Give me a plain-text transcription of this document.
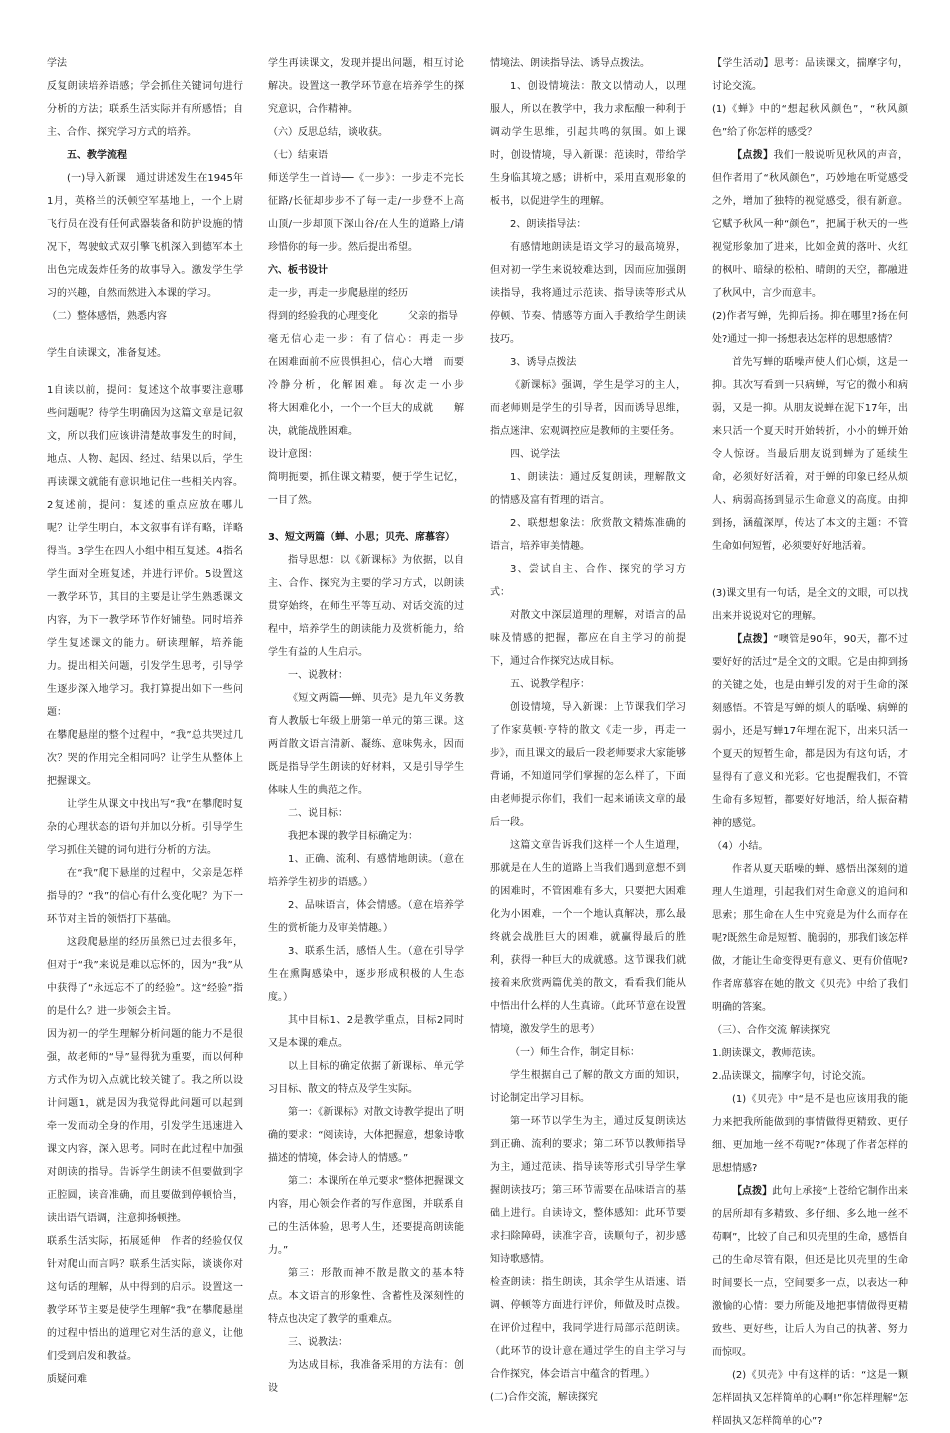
学法

反复朗读培养语感；学会抓住关键词句进行分析的方法；联系生活实际并有所感悟；自主、合作、探究学习方式的培养。

五、教学流程

(一)导入新课　通过讲述发生在1945年1月，英格兰的沃顿空军基地上，一个上尉飞行员在没有任何武器装备和防护设施的情况下，驾驶蚊式双引擎飞机深入到德军本土出色完成轰炸任务的故事导入。激发学生学习的兴趣，自然而然进入本课的学习。

（二）整体感悟，熟悉内容

学生自读课文，准备复述。

1自读以前，提问：复述这个故事要注意哪些问题呢？待学生明确因为这篇文章是记叙文，所以我们应该讲清楚故事发生的时间，地点、人物、起因、经过、结果以后，学生再读课文就能有意识地记住一些相关内容。2复述前，提问：复述的重点应放在哪儿呢？让学生明白，本文叙事有详有略，详略得当。3学生在四人小组中相互复述。4指名学生面对全班复述，并进行评价。5设置这一教学环节，其目的主要是让学生熟悉课文内容，为下一教学环节作好铺垫。同时培养学生复述课文的能力。研读理解，培养能力。提出相关问题，引发学生思考，引导学生逐步深入地学习。我打算提出如下一些问题：

在攀爬悬崖的整个过程中，“我”总共哭过几次？哭的作用完全相同吗？让学生从整体上把握课文。

让学生从课文中找出写“我”在攀爬时复杂的心理状态的语句并加以分析。引导学生学习抓住关键的词句进行分析的方法。

在“我”爬下悬崖的过程中，父亲是怎样指导的？“我”的信心有什么变化呢？为下一环节对主旨的领悟打下基础。

这段爬悬崖的经历虽然已过去很多年，但对于“我”来说是难以忘怀的，因为“我”从中获得了“永远忘不了的经验”。这“经验”指的是什么？进一步领会主旨。

因为初一的学生理解分析问题的能力不是很强，故老师的“导”显得犹为重要，而以何种方式作为切入点就比较关键了。我之所以设计问题1，就是因为我觉得此问题可以起到牵一发而动全身的作用，引发学生迅速进入课文内容，深入思考。同时在此过程中加强对朗读的指导。告诉学生朗读不但要做到字正腔圆，读音准确，而且要做到停顿恰当，读出语气语调，注意抑扬顿挫。

联系生活实际，拓展延伸　作者的经验仅仅针对爬山而言吗？联系生活实际，谈谈你对这句话的理解，从中得到的启示。设置这一教学环节主要是使学生理解“我”在攀爬悬崖的过程中悟出的道理它对生活的意义，让他们受到启发和教益。

质疑问难

学生再读课文，发现并提出问题，相互讨论解决。设置这一教学环节意在培养学生的探究意识，合作精神。

（六）反思总结，谈收获。

（七）结束语

师送学生一首诗──《一步》：一步走不完长征路/长征却步步不了每一走/一步登不上高山顶/一步却顶下深山谷/在人生的道路上/请珍惜你的每一步。然后提出希望。

六、板书设计

走一步，再走一步爬悬崖的经历

得到的经验我的心理变化　　　父亲的指导

毫无信心走一步：有了信心：再走一步　　在困难面前不应畏惧担心，信心大增　而要冷静分析，化解困难。每次走一小步　　　　将大困难化小，一个一个巨大的成就　　解决，就能战胜困难。

设计意图：

简明扼要，抓住课文精要，便于学生记忆，一目了然。

3、短文两篇（蝉、小思；贝壳、席慕容）

指导思想：以《新课标》为依据，以自主、合作、探究为主要的学习方式，以朗读贯穿始终，在师生平等互动、对话交流的过程中，培养学生的朗读能力及赏析能力，给学生有益的人生启示。

一、说教材：

《短文两篇──蝉、贝壳》是九年义务教育人教版七年级上册第一单元的第三课。这两首散文语言清新、凝练、意味隽永，因而既是指导学生朗读的好材料，又是引导学生体味人生的典范之作。

二、说目标：

我把本课的教学目标确定为：

1、正确、流利、有感情地朗读。（意在培养学生初步的语感。）

2、品味语言，体会情感。（意在培养学生的赏析能力及审美情趣。）

3、联系生活，感悟人生。（意在引导学生在熏陶感染中，逐步形成积极的人生态度。）

其中目标1、2是教学重点，目标2同时又是本课的难点。

以上目标的确定依据了新课标、单元学习目标、散文的特点及学生实际。

第一：《新课标》对散文诗教学提出了明确的要求：“阅读诗，大体把握意，想象诗歌描述的情境，体会诗人的情感。”

第二：本课所在单元要求“整体把握课文内容，用心领会作者的写作意图，并联系自己的生活体验，思考人生，还要提高朗读能力。”

第三：形散而神不散是散文的基本特点。本文语言的形象性、含蓄性及深刻性的特点也决定了教学的重难点。

三、说教法：

为达成目标，我准备采用的方法有：创设

情境法、朗读指导法、诱导点拨法。

1、创设情境法：散文以情动人，以理服人，所以在教学中，我力求酝酿一种利于调动学生思维，引起共鸣的氛围。如上课时，创设情境，导入新课：范读时，带给学生身临其境之感；讲析中，采用直观形象的板书，以促进学生的理解。

2、朗读指导法：

有感情地朗读是语文学习的最高境界，但对初一学生来说较难达到，因而应加强朗读指导，我将通过示范读、指导读等形式从停顿、节奏、情感等方面入手教给学生朗读技巧。

3、诱导点拨法

《新课标》强调，学生是学习的主人，而老师则是学生的引导者，因而诱导思维，指点迷津、宏观调控应是教师的主要任务。

四、说学法

1、朗读法：通过反复朗读，理解散文的情感及富有哲理的语言。

2、联想想象法：欣赏散文精炼准确的语言，培养审美情趣。

3、尝试自主、合作、探究的学习方式：

对散文中深层道理的理解，对语言的品味及情感的把握，都应在自主学习的前提下，通过合作探究达成目标。

五、说教学程序：

创设情境，导入新课：上节课我们学习了作家莫顿·亨特的散文《走一步，再走一步》，而且课文的最后一段老师要求大家能够背诵，不知道同学们掌握的怎么样了，下面由老师提示你们，我们一起来诵读文章的最后一段。

这篇文章告诉我们这样一个人生道理，那就是在人生的道路上当我们遇到意想不到的困难时，不管困难有多大，只要把大困难化为小困难，一个一个地认真解决，那么最终就会战胜巨大的困难，就赢得最后的胜利，获得一种巨大的成就感。这节课我们就接着来欣赏两篇优美的散文，看看我们能从中悟出什么样的人生真谛。（此环节意在设置情境，激发学生的思考）

（一）师生合作，制定目标：

学生根据自己了解的散文方面的知识，讨论制定出学习目标。

第一环节以学生为主，通过反复朗读达到正确、流利的要求；第二环节以教师指导为主，通过范读、指导读等形式引导学生掌握朗读技巧；第三环节需要在品味语言的基础上进行。自读诗文，整体感知：此环节要求扫除障碍，读准字音，读顺句子，初步感知诗歌感情。

检查朗读：指生朗读，其余学生从语速、语调、停顿等方面进行评价，师做及时点拨。在评价过程中，我同学进行局部示范朗读。（此环节的设计意在通过学生的自主学习与合作探究，体会语言中蕴含的哲理。）

(二)合作交流，解读探究

【学生活动】思考：品读课文，揣摩字句，讨论交流。

(1)《蝉》中的“想起秋风颜色”，“秋风颜色”给了你怎样的感受？

【点拨】我们一般说听见秋风的声音，但作者用了“秋风颜色”，巧妙地在听觉感受之外，增加了独特的视觉感受，很有新意。它赋予秋风一种“颜色”，把属于秋天的一些视觉形象加了进来，比如金黄的落叶、火红的枫叶、暗绿的松柏、晴朗的天空，都融进了秋风中，言少而意丰。

(2)作者写蝉，先抑后扬。抑在哪里?扬在何处?通过一抑一扬想表达怎样的思想感情？

首先写蝉的聒噪声使人们心烦，这是一抑。其次写看到一只病蝉，写它的微小和病弱，又是一抑。从朋友说蝉在泥下17年，出来只活一个夏天时开始转折，小小的蝉开始令人惊讶。当最后朋友说到蝉为了延续生命，必须好好活着，对于蝉的印象已经从烦人、病弱高扬到显示生命意义的高度。由抑到扬，涵蕴深厚，传达了本文的主题：不管生命如何短暂，必须要好好地活着。

(3)课文里有一句话，是全文的文眼，可以找出来并说说对它的理解。

【点拨】“噢管是90年，90天，都不过要好好的活过”是全文的文眼。它是由抑到扬的关键之处，也是由蝉引发的对于生命的深刻感悟。不管是写蝉的烦人的聒噪、病蝉的弱小，还是写蝉17年埋在泥下，出来只活一个夏天的短暂生命，都是因为有这句话，才显得有了意义和光彩。它也提醒我们，不管生命有多短暂，都要好好地活，给人振奋精神的感觉。

（4）小结。

作者从夏天聒噪的蝉、感悟出深刻的道理人生道理，引起我们对生命意义的追问和思索；那生命在人生中究竟是为什么而存在呢?既然生命是短暂、脆弱的，那我们该怎样做，才能让生命变得更有意义、更有价值呢?作者席慕容在她的散文《贝壳》中给了我们明确的答案。

（三）、合作交流 解读探究

1.朗读课文，教师范读。

2.品读课文，揣摩字句，讨论交流。

(1)《贝壳》中“是不是也应该用我的能力来把我所能做到的事情做得更精致、更仔细、更加地一丝不苟呢?”体现了作者怎样的思想情感?

【点拨】此句上承接“上苍给它制作出来的居所却有多精致、多仔细、多么地一丝不苟啊”，比较了自己和贝壳里的生命，感悟自己的生命尽管有限，但还是比贝壳里的生命时间要长一点，空间要多一点，以表达一种激愉的心情：要力所能及地把事情做得更精致些、更好些，让后人为自己的执著、努力而惊叹。

(2)《贝壳》中有这样的话：“这是一颗怎样固执又怎样简单的心啊!”你怎样理解“怎样固执又怎样简单的心”?
